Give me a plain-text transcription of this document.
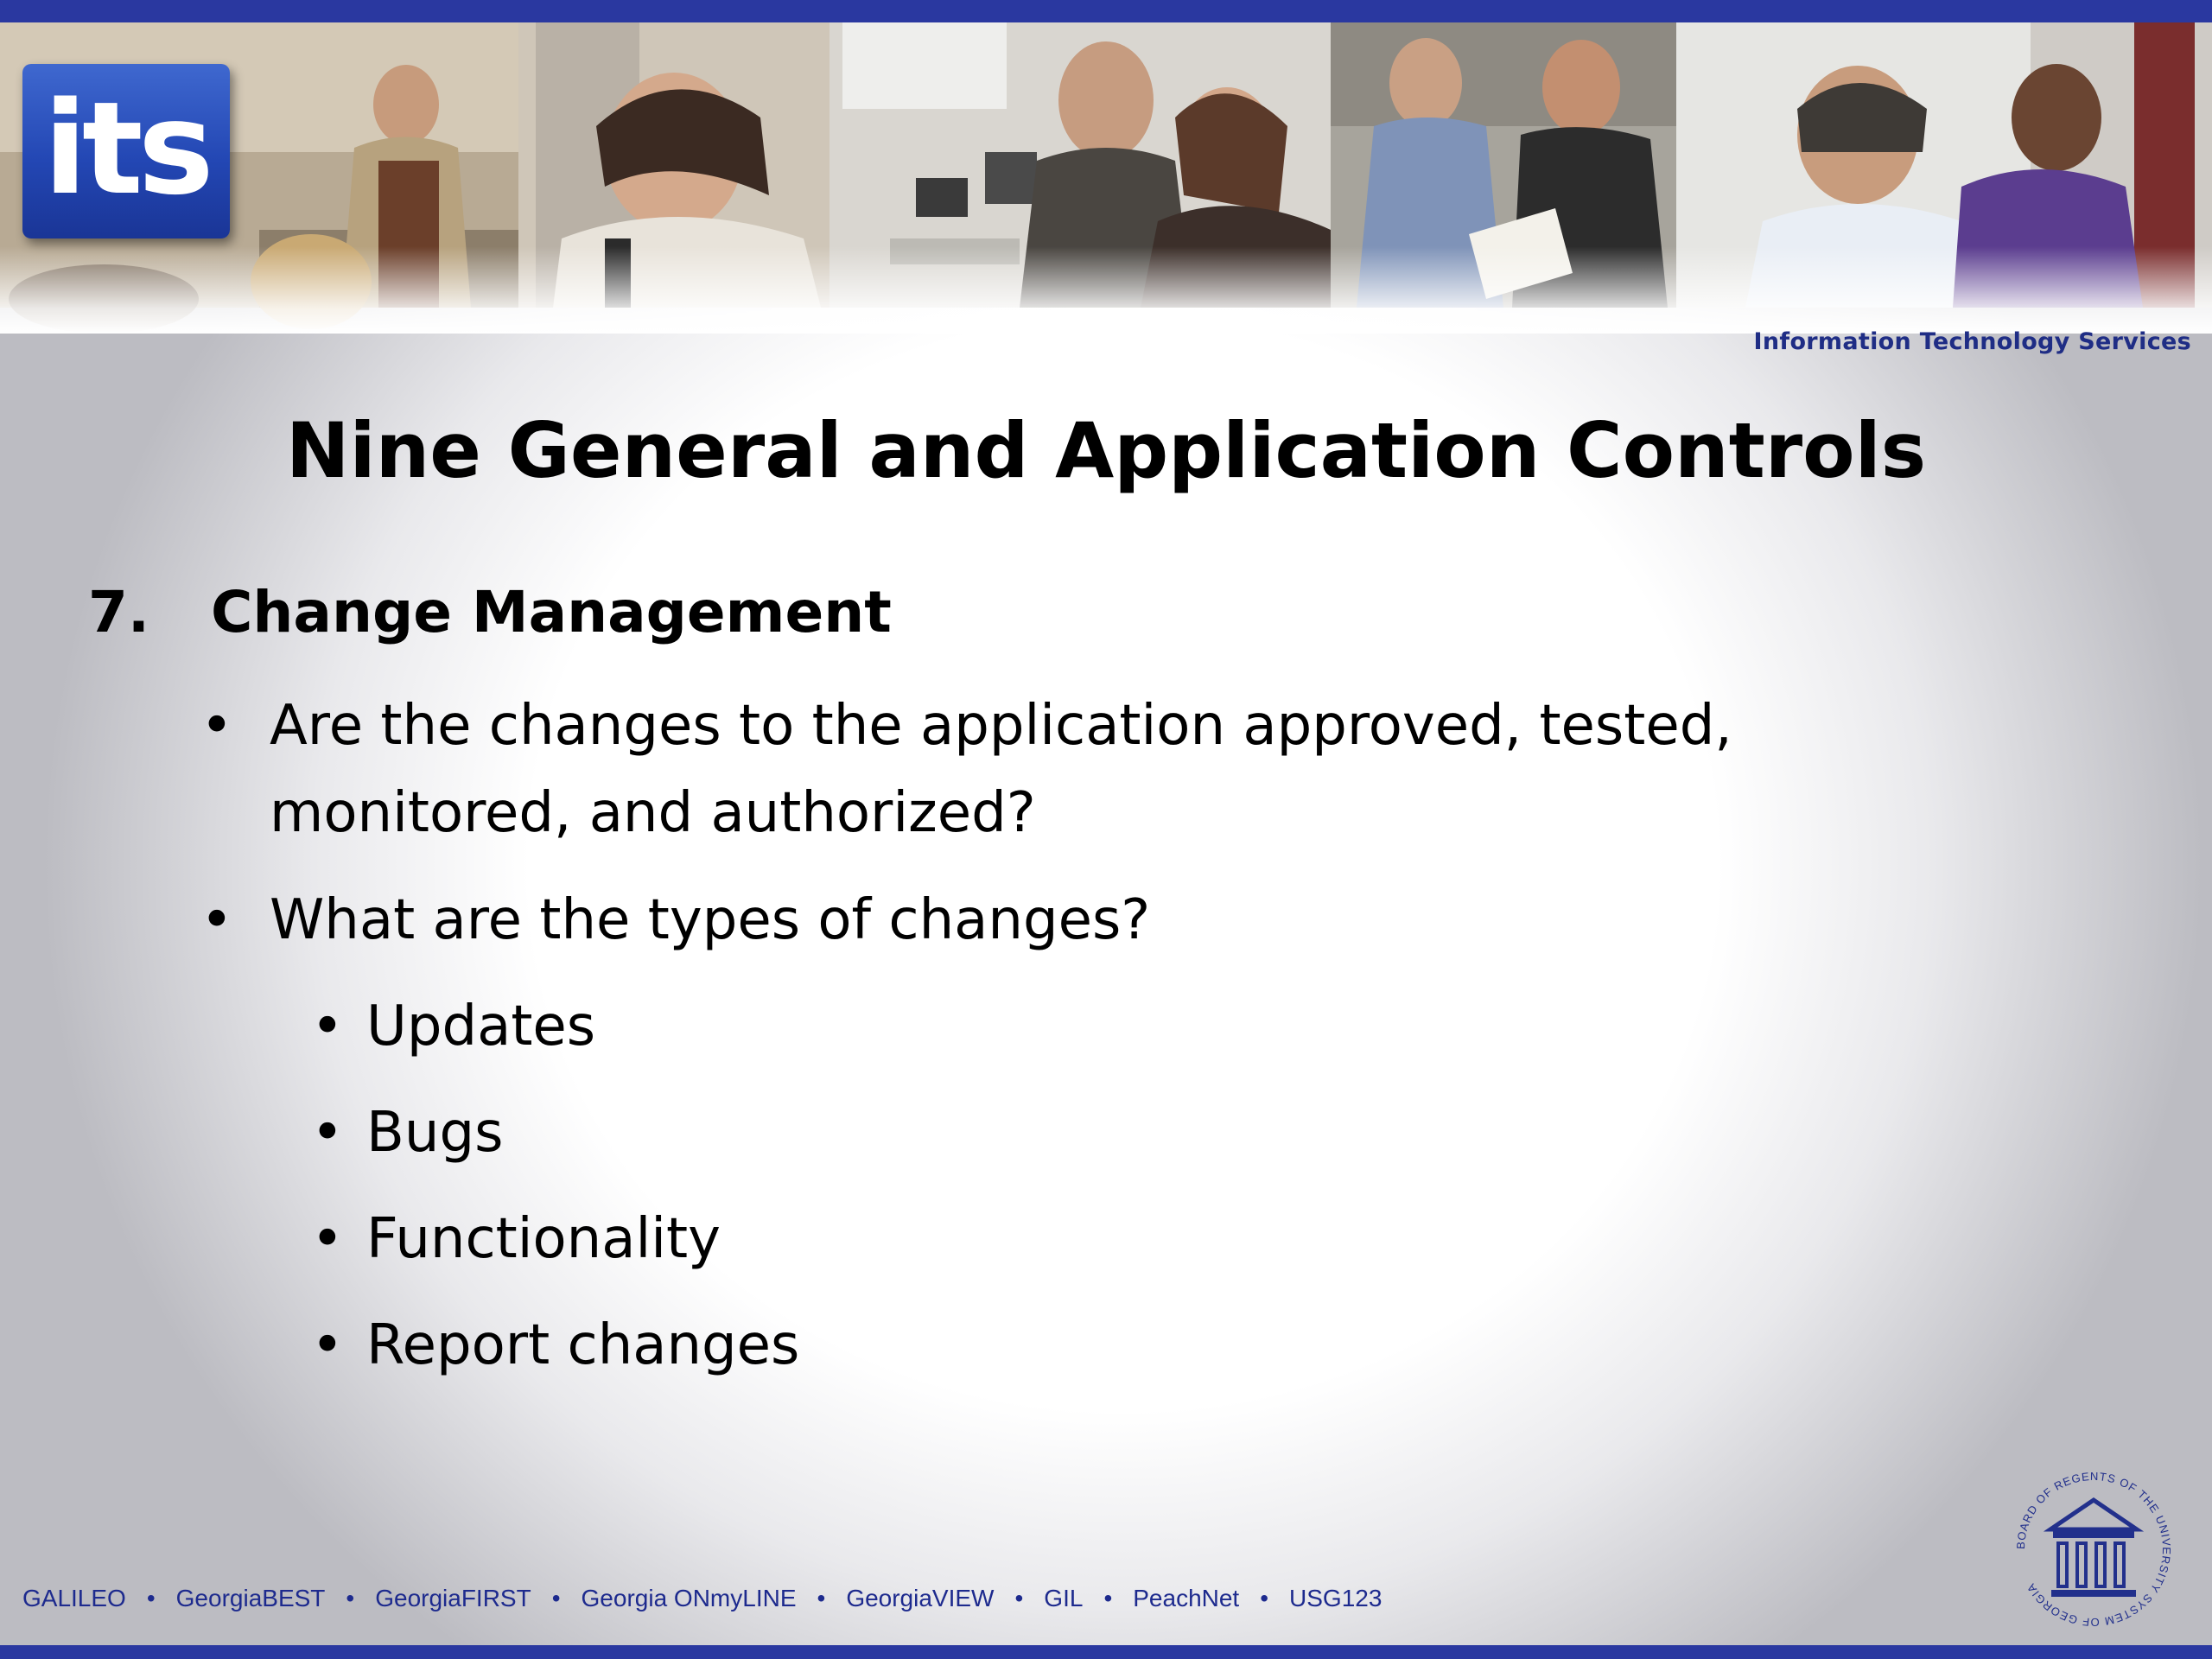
its
Information Technology Services
Nine General and Application Controls
7. Change Management
• Are the changes to the application approved, tested,
monitored, and authorized?
• What are the types of changes?
• Updates
• Bugs
• Functionality
• Report changes
GALILEO • GeorgiaBEST • GeorgiaFIRST • Georgia ONmyLINE • GeorgiaVIEW • GIL • PeachNet • USG123
BOARD OF REGENTS OF THE UNIVERSITY SYSTEM OF GEORGIA
